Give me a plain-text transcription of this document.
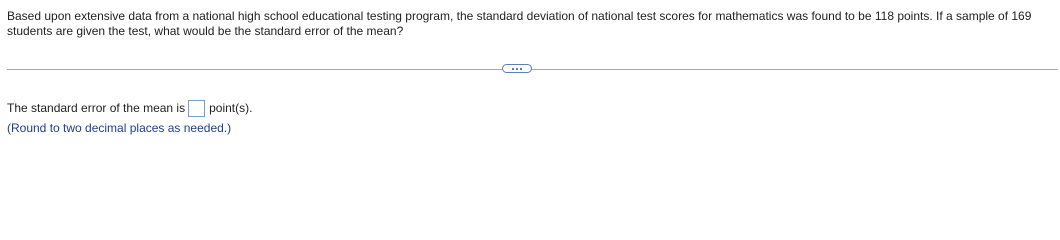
Based upon extensive data from a national high school educational testing program, the standard deviation of national test scores for mathematics was found to be 118 points. If a sample of 169 students are given the test, what would be the standard error of the mean?

The standard error of the mean is point(s).
(Round to two decimal places as needed.)
